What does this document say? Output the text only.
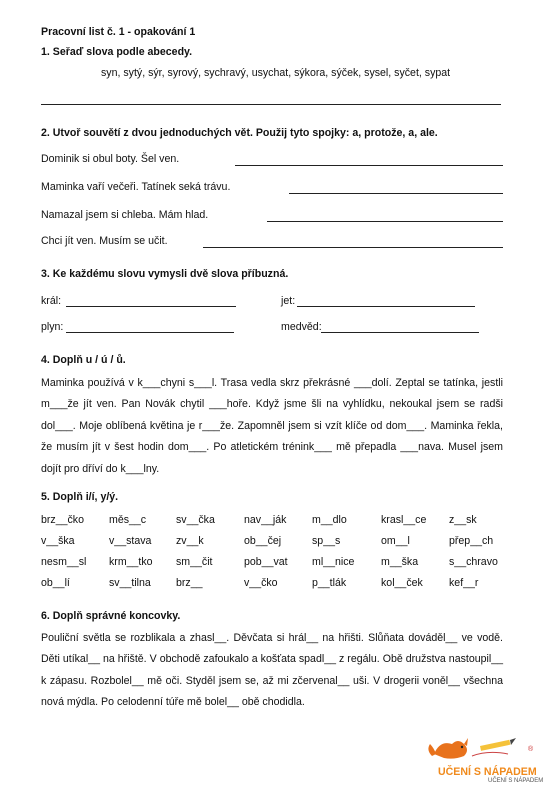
Pracovní list č. 1 - opakování 1
1. Seřaď slova podle abecedy.
syn, sytý, sýr, syrový, sychravý, usychat, sýkora, sýček, sysel, syčet, sypat
2. Utvoř souvětí z dvou jednoduchých vět. Použij tyto spojky: a, protože, a, ale.
Dominik si obul boty. Šel ven.
Maminka vaří večeři. Tatínek seká trávu.
Namazal jsem si chleba. Mám hlad.
Chci jít ven. Musím se učit.
3. Ke každému slovu vymysli dvě slova příbuzná.
král:	jet:
plyn:	medvěd:
4. Doplň u / ú / ů.
Maminka používá v k___chyni s___l. Trasa vedla skrz překrásné ___dolí. Zeptal se tatínka, jestli m___že jít ven. Pan Novák chytil ___hoře. Když jsme šli na vyhlídku, nekoukal jsem se radši dol___. Moje oblíbená květina je r___že. Zapomněl jsem si vzít klíče od dom___. Maminka řekla, že musím jít v šest hodin dom___. Po atletickém trénink___ mě přepadla ___nava. Musel jsem dojít pro dříví do k___lny.
5. Doplň i/í, y/ý.
brz__čko měs__c	sv__čka	nav__ják m__dlo	krasl__ce z__sk
v__ška	v__stava zv__k	ob__čej	sp__s	om__l	přep__ch
nesm__sl krm__tko sm__čit	pob__vat ml__nice	m__ška	s__chravo
ob__lí	sv__tilna brz__	v__čko	p__tlák	kol__ček kef__r
6. Doplň správné koncovky.
Pouliční světla se rozblikala a zhasl__. Děvčata si hrál__ na hřišti. Slůňata dováděl__ ve vodě. Děti utíkal__ na hřiště. V obchodě zafoukalo a košťata spadl__ z regálu. Obě družstva nastoupil__ k zápasu. Rozbolel__ mě oči. Styděl jsem se, až mi zčervenal__ uši. V drogerii voněl__ všechna nová mýdla. Po celodenní túře mě bolel__ obě chodidla.
UČENÍ S NÁPADEM
UČENÍ S NÁPADEM
®
